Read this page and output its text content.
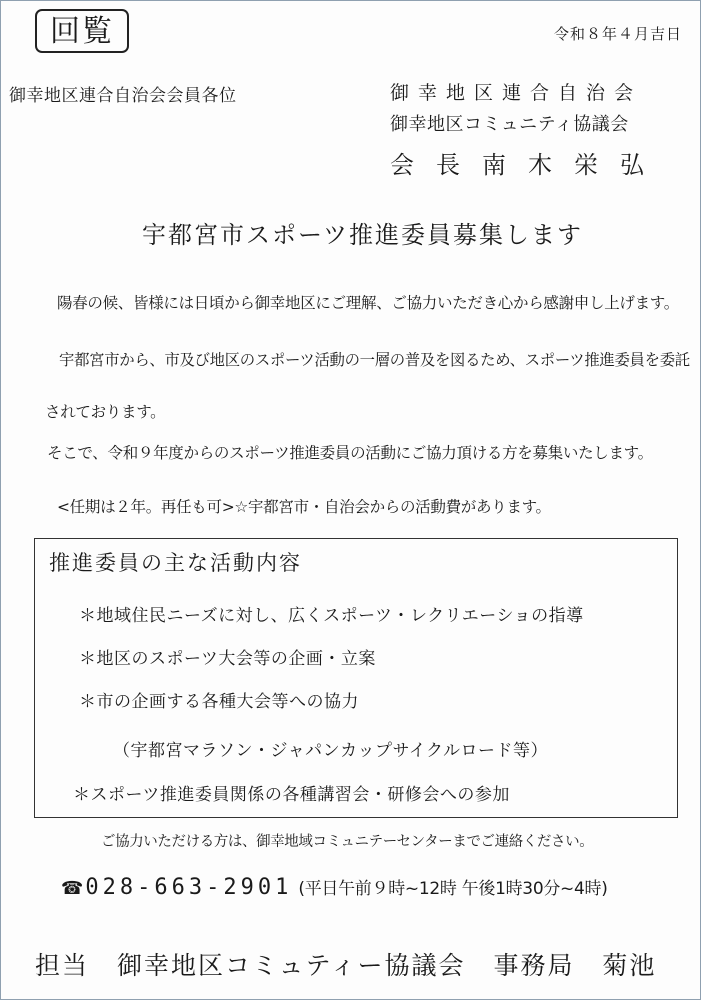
回覧	令和８年４月吉日
御幸地区連合自治会会員各位	御幸地区連合自治会
御幸地区コミュニティ協議会
会長南木栄弘
宇都宮市スポーツ推進委員募集します
陽春の候、皆様には日頃から御幸地区にご理解、ご協力いただき心から感謝申し上げます。
宇都宮市から、市及び地区のスポーツ活動の一層の普及を図るため、スポーツ推進委員を委託
されております。
そこで、令和９年度からのスポーツ推進委員の活動にご協力頂ける方を募集いたします。
<任期は２年。再任も可>☆宇都宮市・自治会からの活動費があります。
推進委員の主な活動内容
＊地域住民ニーズに対し、広くスポーツ・レクリエーショの指導
＊地区のスポーツ大会等の企画・立案
＊市の企画する各種大会等への協力
（宇都宮マラソン・ジャパンカップサイクルロード等）
＊スポーツ推進委員関係の各種講習会・研修会への参加
ご協力いただける方は、御幸地域コミュニテーセンターまでご連絡ください。
☎ 028-663-2901 (平日午前９時~12時 午後1時30分~4時)
担当 御幸地区コミュティー協議会 事務局 菊池
